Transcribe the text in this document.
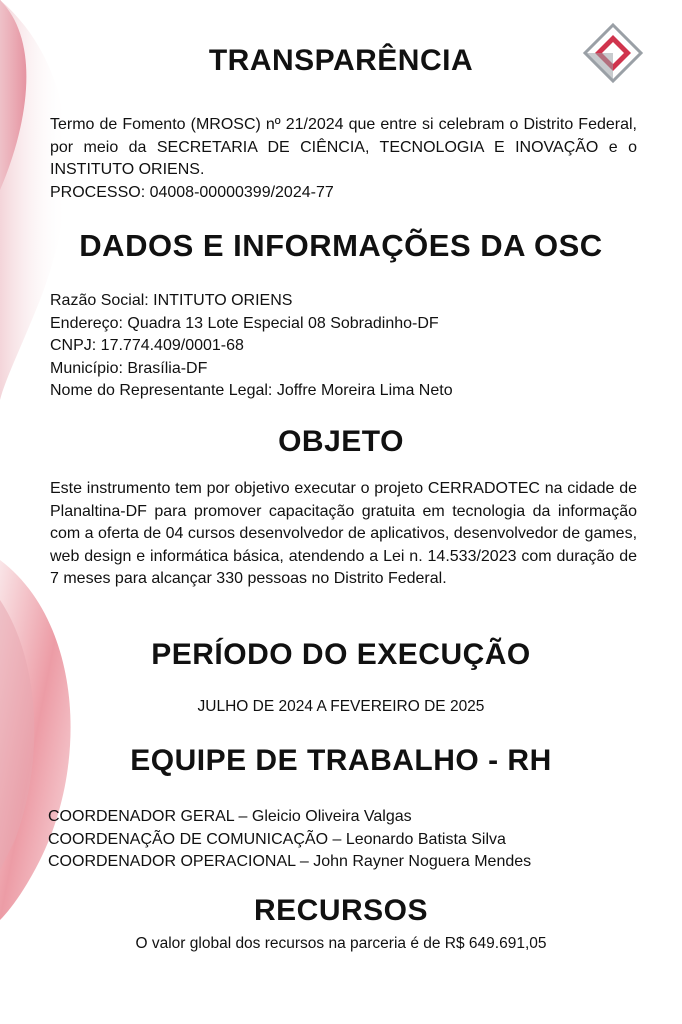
TRANSPARÊNCIA
Termo de Fomento (MROSC) nº 21/2024 que entre si celebram o Distrito Federal, por meio da SECRETARIA DE CIÊNCIA, TECNOLOGIA E INOVAÇÃO e o INSTITUTO ORIENS.
PROCESSO: 04008-00000399/2024-77
DADOS E INFORMAÇÕES DA OSC
Razão Social: INTITUTO ORIENS
Endereço: Quadra 13 Lote Especial 08 Sobradinho-DF
CNPJ: 17.774.409/0001-68
Município: Brasília-DF
Nome do Representante Legal: Joffre Moreira Lima Neto
OBJETO

Este instrumento tem por objetivo executar o projeto CERRADOTEC na cidade de Planaltina-DF para promover capacitação gratuita em tecnologia da informação com a oferta de 04 cursos desenvolvedor de aplicativos, desenvolvedor de games, web design e informática básica, atendendo a Lei n. 14.533/2023 com duração de 7 meses para alcançar 330 pessoas no Distrito Federal.

PERÍODO DO EXECUÇÃO
JULHO DE 2024 A FEVEREIRO DE 2025
EQUIPE DE TRABALHO - RH
COORDENADOR GERAL – Gleicio Oliveira Valgas
COORDENAÇÃO DE COMUNICAÇÃO – Leonardo Batista Silva
COORDENADOR OPERACIONAL – John Rayner Noguera Mendes
RECURSOS
O valor global dos recursos na parceria é de R$ 649.691,05
